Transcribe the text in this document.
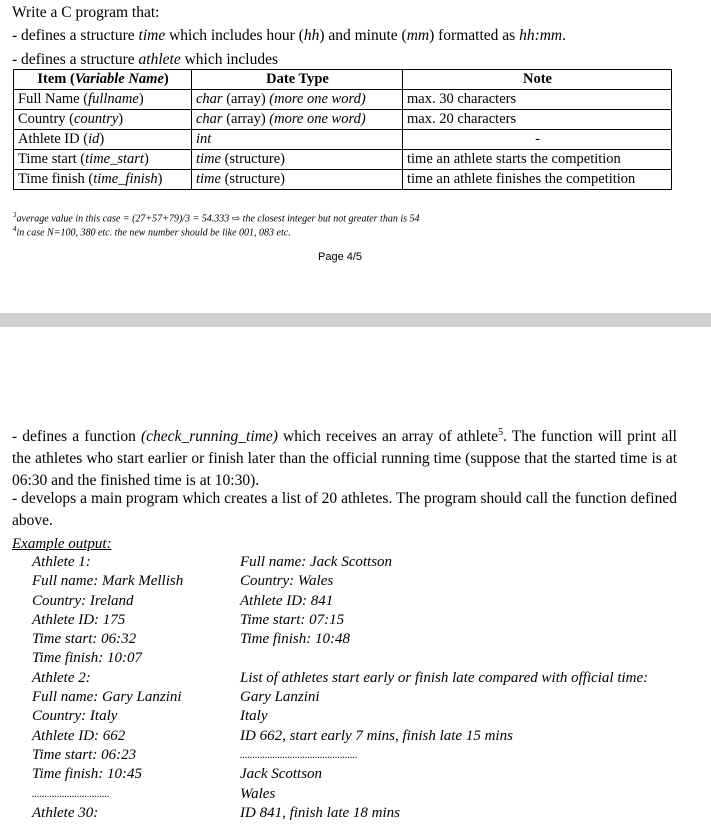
Write a C program that:
- defines a structure time which includes hour (hh) and minute (mm) formatted as hh:mm.
- defines a structure athlete which includes
Item (Variable Name)	Date Type	Note
Full Name (fullname)	char (array) (more one word)	max. 30 characters
Country (country)	char (array) (more one word)	max. 20 characters
Athlete ID (id)	int	-
Time start (time_start)	time (structure)	time an athlete starts the competition
Time finish (time_finish)	time (structure)	time an athlete finishes the competition
$^3$average value in this case = (27+57+79)/3 = 54.333 ⇨ the closest integer but not greater than is 54
$^4$in case N=100, 380 etc. the new number should be like 001, 083 etc.
Page 4/5
- defines a function (check_running_time) which receives an array of athlete$^5$. The function will print all the athletes who start earlier or finish later than the official running time (suppose that the started time is at 06:30 and the finished time is at 10:30).
- develops a main program which creates a list of 20 athletes. The program should call the function defined above.
Example output:
Athlete 1:
Full name: Mark Mellish
Country: Ireland
Athlete ID: 175
Time start: 06:32
Time finish: 10:07
Athlete 2:
Full name: Gary Lanzini
Country: Italy
Athlete ID: 662
Time start: 06:23
Time finish: 10:45
...............................
Athlete 30:
Full name: Jack Scottson
Country: Wales
Athlete ID: 841
Time start: 07:15
Time finish: 10:48
List of athletes start early or finish late compared with official time:
Gary Lanzini
Italy
ID 662, start early 7 mins, finish late 15 mins
...............................................
Jack Scottson
Wales
ID 841, finish late 18 mins
